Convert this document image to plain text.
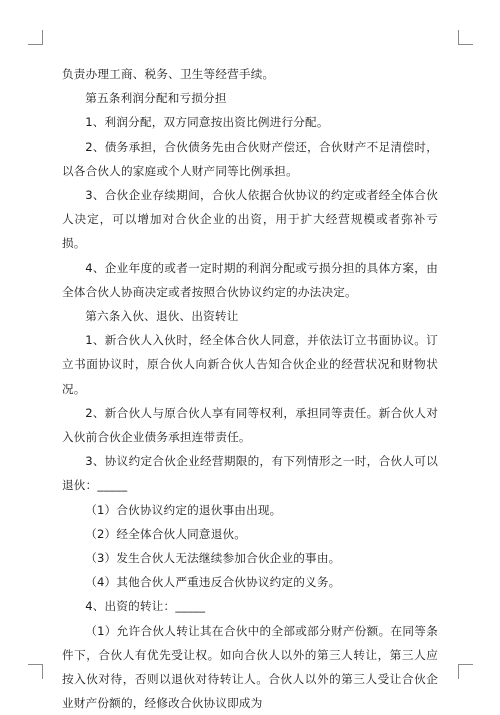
负责办理工商、税务、卫生等经营手续。

第五条利润分配和亏损分担

1、利润分配，双方同意按出资比例进行分配。

2、债务承担，合伙债务先由合伙财产偿还，合伙财产不足清偿时，以各合伙人的家庭或个人财产同等比例承担。

3、合伙企业存续期间，合伙人依据合伙协议的约定或者经全体合伙人决定，可以增加对合伙企业的出资，用于扩大经营规模或者弥补亏损。

4、企业年度的或者一定时期的利润分配或亏损分担的具体方案，由全体合伙人协商决定或者按照合伙协议约定的办法决定。

第六条入伙、退伙、出资转让

1、新合伙人入伙时，经全体合伙人同意，并依法订立书面协议。订立书面协议时，原合伙人向新合伙人告知合伙企业的经营状况和财物状况。

2、新合伙人与原合伙人享有同等权利，承担同等责任。新合伙人对入伙前合伙企业债务承担连带责任。

3、协议约定合伙企业经营期限的，有下列情形之一时，合伙人可以退伙：_____

（1）合伙协议约定的退伙事由出现。

（2）经全体合伙人同意退伙。

（3）发生合伙人无法继续参加合伙企业的事由。

（4）其他合伙人严重违反合伙协议约定的义务。

4、出资的转让：_____

（1）允许合伙人转让其在合伙中的全部或部分财产份额。在同等条件下，合伙人有优先受让权。如向合伙人以外的第三人转让，第三人应按入伙对待，否则以退伙对待转让人。合伙人以外的第三人受让合伙企业财产份额的，经修改合伙协议即成为
